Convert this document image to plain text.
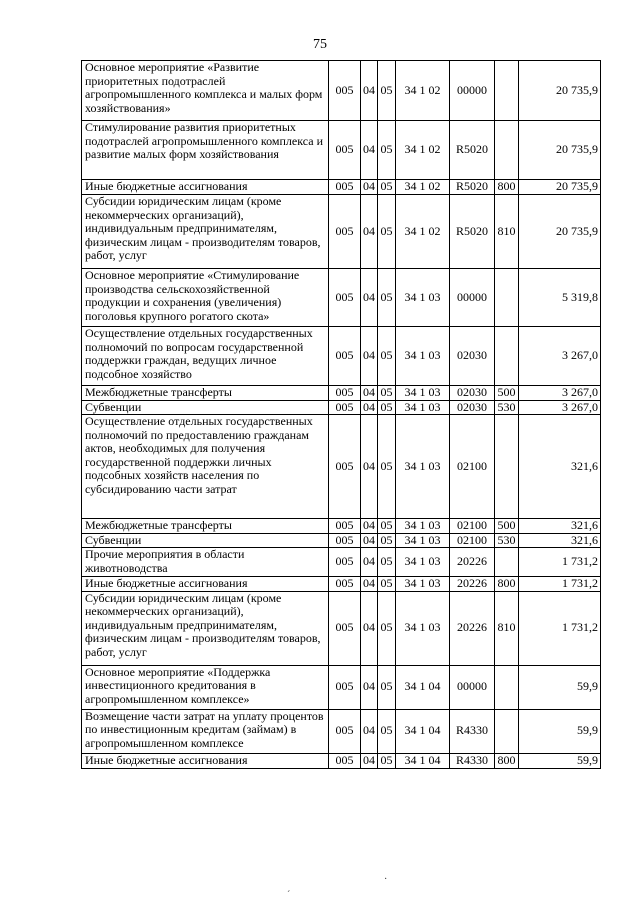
75
Основное мероприятие «Развитие приоритетных подотраслей агропромышленного комплекса и малых форм хозяйствования»	005	04	05	34 1 02	00000		20 735,9
Стимулирование развития приоритетных подотраслей агропромышленного комплекса и развитие малых форм хозяйствования	005	04	05	34 1 02	R5020		20 735,9
Иные бюджетные ассигнования	005	04	05	34 1 02	R5020	800	20 735,9
Субсидии юридическим лицам (кроме некоммерческих организаций), индивидуальным предпринимателям, физическим лицам - производителям товаров, работ, услуг	005	04	05	34 1 02	R5020	810	20 735,9
Основное мероприятие «Стимулирование производства сельскохозяйственной продукции и сохранения (увеличения) поголовья крупного рогатого скота»	005	04	05	34 1 03	00000		5 319,8
Осуществление отдельных государственных полномочий по вопросам государственной поддержки граждан, ведущих личное подсобное хозяйство	005	04	05	34 1 03	02030		3 267,0
Межбюджетные трансферты	005	04	05	34 1 03	02030	500	3 267,0
Субвенции	005	04	05	34 1 03	02030	530	3 267,0
Осуществление отдельных государственных полномочий по предоставлению гражданам актов, необходимых для получения государственной поддержки личных подсобных хозяйств населения по субсидированию части затрат	005	04	05	34 1 03	02100		321,6
Межбюджетные трансферты	005	04	05	34 1 03	02100	500	321,6
Субвенции	005	04	05	34 1 03	02100	530	321,6
Прочие мероприятия в области животноводства	005	04	05	34 1 03	20226		1 731,2
Иные бюджетные ассигнования	005	04	05	34 1 03	20226	800	1 731,2
Субсидии юридическим лицам (кроме некоммерческих организаций), индивидуальным предпринимателям, физическим лицам - производителям товаров, работ, услуг	005	04	05	34 1 03	20226	810	1 731,2
Основное мероприятие «Поддержка инвестиционного кредитования в агропромышленном комплексе»	005	04	05	34 1 04	00000		59,9
Возмещение части затрат на уплату процентов по инвестиционным кредитам (займам) в агропромышленном комплексе	005	04	05	34 1 04	R4330		59,9
Иные бюджетные ассигнования	005	04	05	34 1 04	R4330	800	59,9
ˊ
·
